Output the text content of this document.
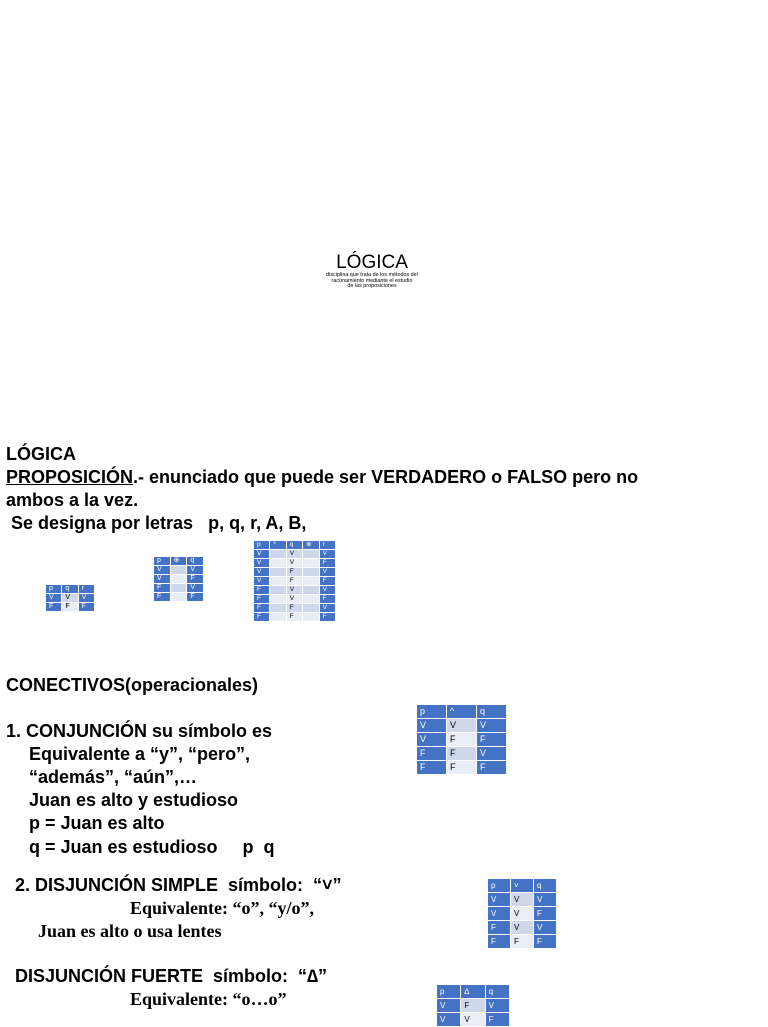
LÓGICA
disciplina que trata de los métodos del
raconamiento mediante el estudio
de las proposiciones
LÓGICA
PROPOSICIÓN.- enunciado que puede ser VERDADERO o FALSO pero no
ambos a la vez.
Se designa por letras   p, q, r, A, B,
p	q	r
V	V	V
F	F	F
p	⊕	q
V		V
V		F
F		V
F		F
p	*	q	⊕	r
V		V		V
V		V		F
V		F		V
V		F		F
F		V		V
F		V		F
F		F		V
F		F		F
CONECTIVOS(operacionales)
1. CONJUNCIÓN su símbolo es
Equivalente a “y”, “pero”,
“además”, “aún”,…
Juan es alto y estudioso
p = Juan es alto
q = Juan es estudioso     p  q
p	^	q
V	V	V
V	F	F
F	F	V
F	F	F
2. DISJUNCIÓN SIMPLE  símbolo:  “˅”
Equivalente: “o”, “y/o”,
Juan es alto o usa lentes
p	˅	q
V	V	V
V	V	F
F	V	V
F	F	F
DISJUNCIÓN FUERTE  símbolo:  “∆”
Equivalente: “o…o”	p	∆	q
V	F	V
V	V	F
